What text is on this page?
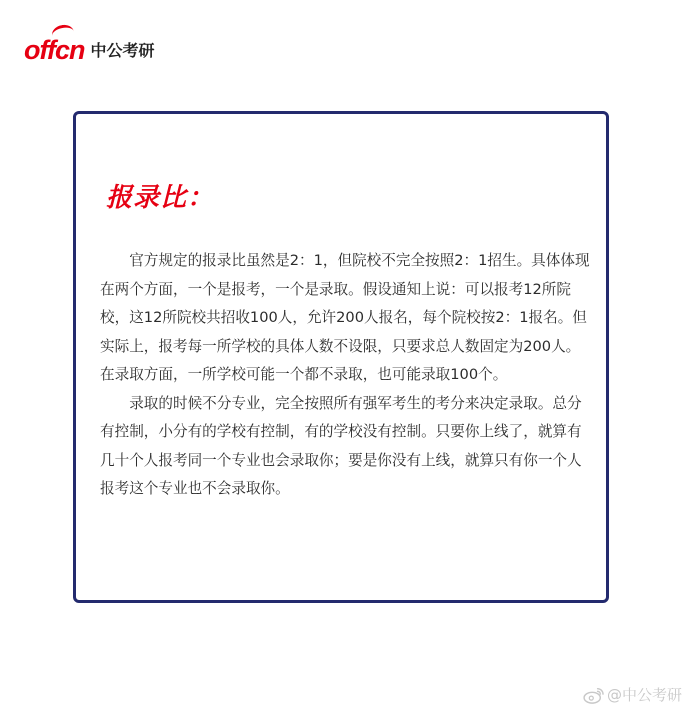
offcn 中公考研
报录比：

官方规定的报录比虽然是2：1，但院校不完全按照2：1招生。具体体现在两个方面，一个是报考，一个是录取。假设通知上说：可以报考12所院校，这12所院校共招收100人，允许200人报名，每个院校按2：1报名。但实际上，报考每一所学校的具体人数不设限，只要求总人数固定为200人。在录取方面，一所学校可能一个都不录取，也可能录取100个。

录取的时候不分专业，完全按照所有强军考生的考分来决定录取。总分有控制，小分有的学校有控制，有的学校没有控制。只要你上线了，就算有几十个人报考同一个专业也会录取你；要是你没有上线，就算只有你一个人报考这个专业也不会录取你。

@中公考研
